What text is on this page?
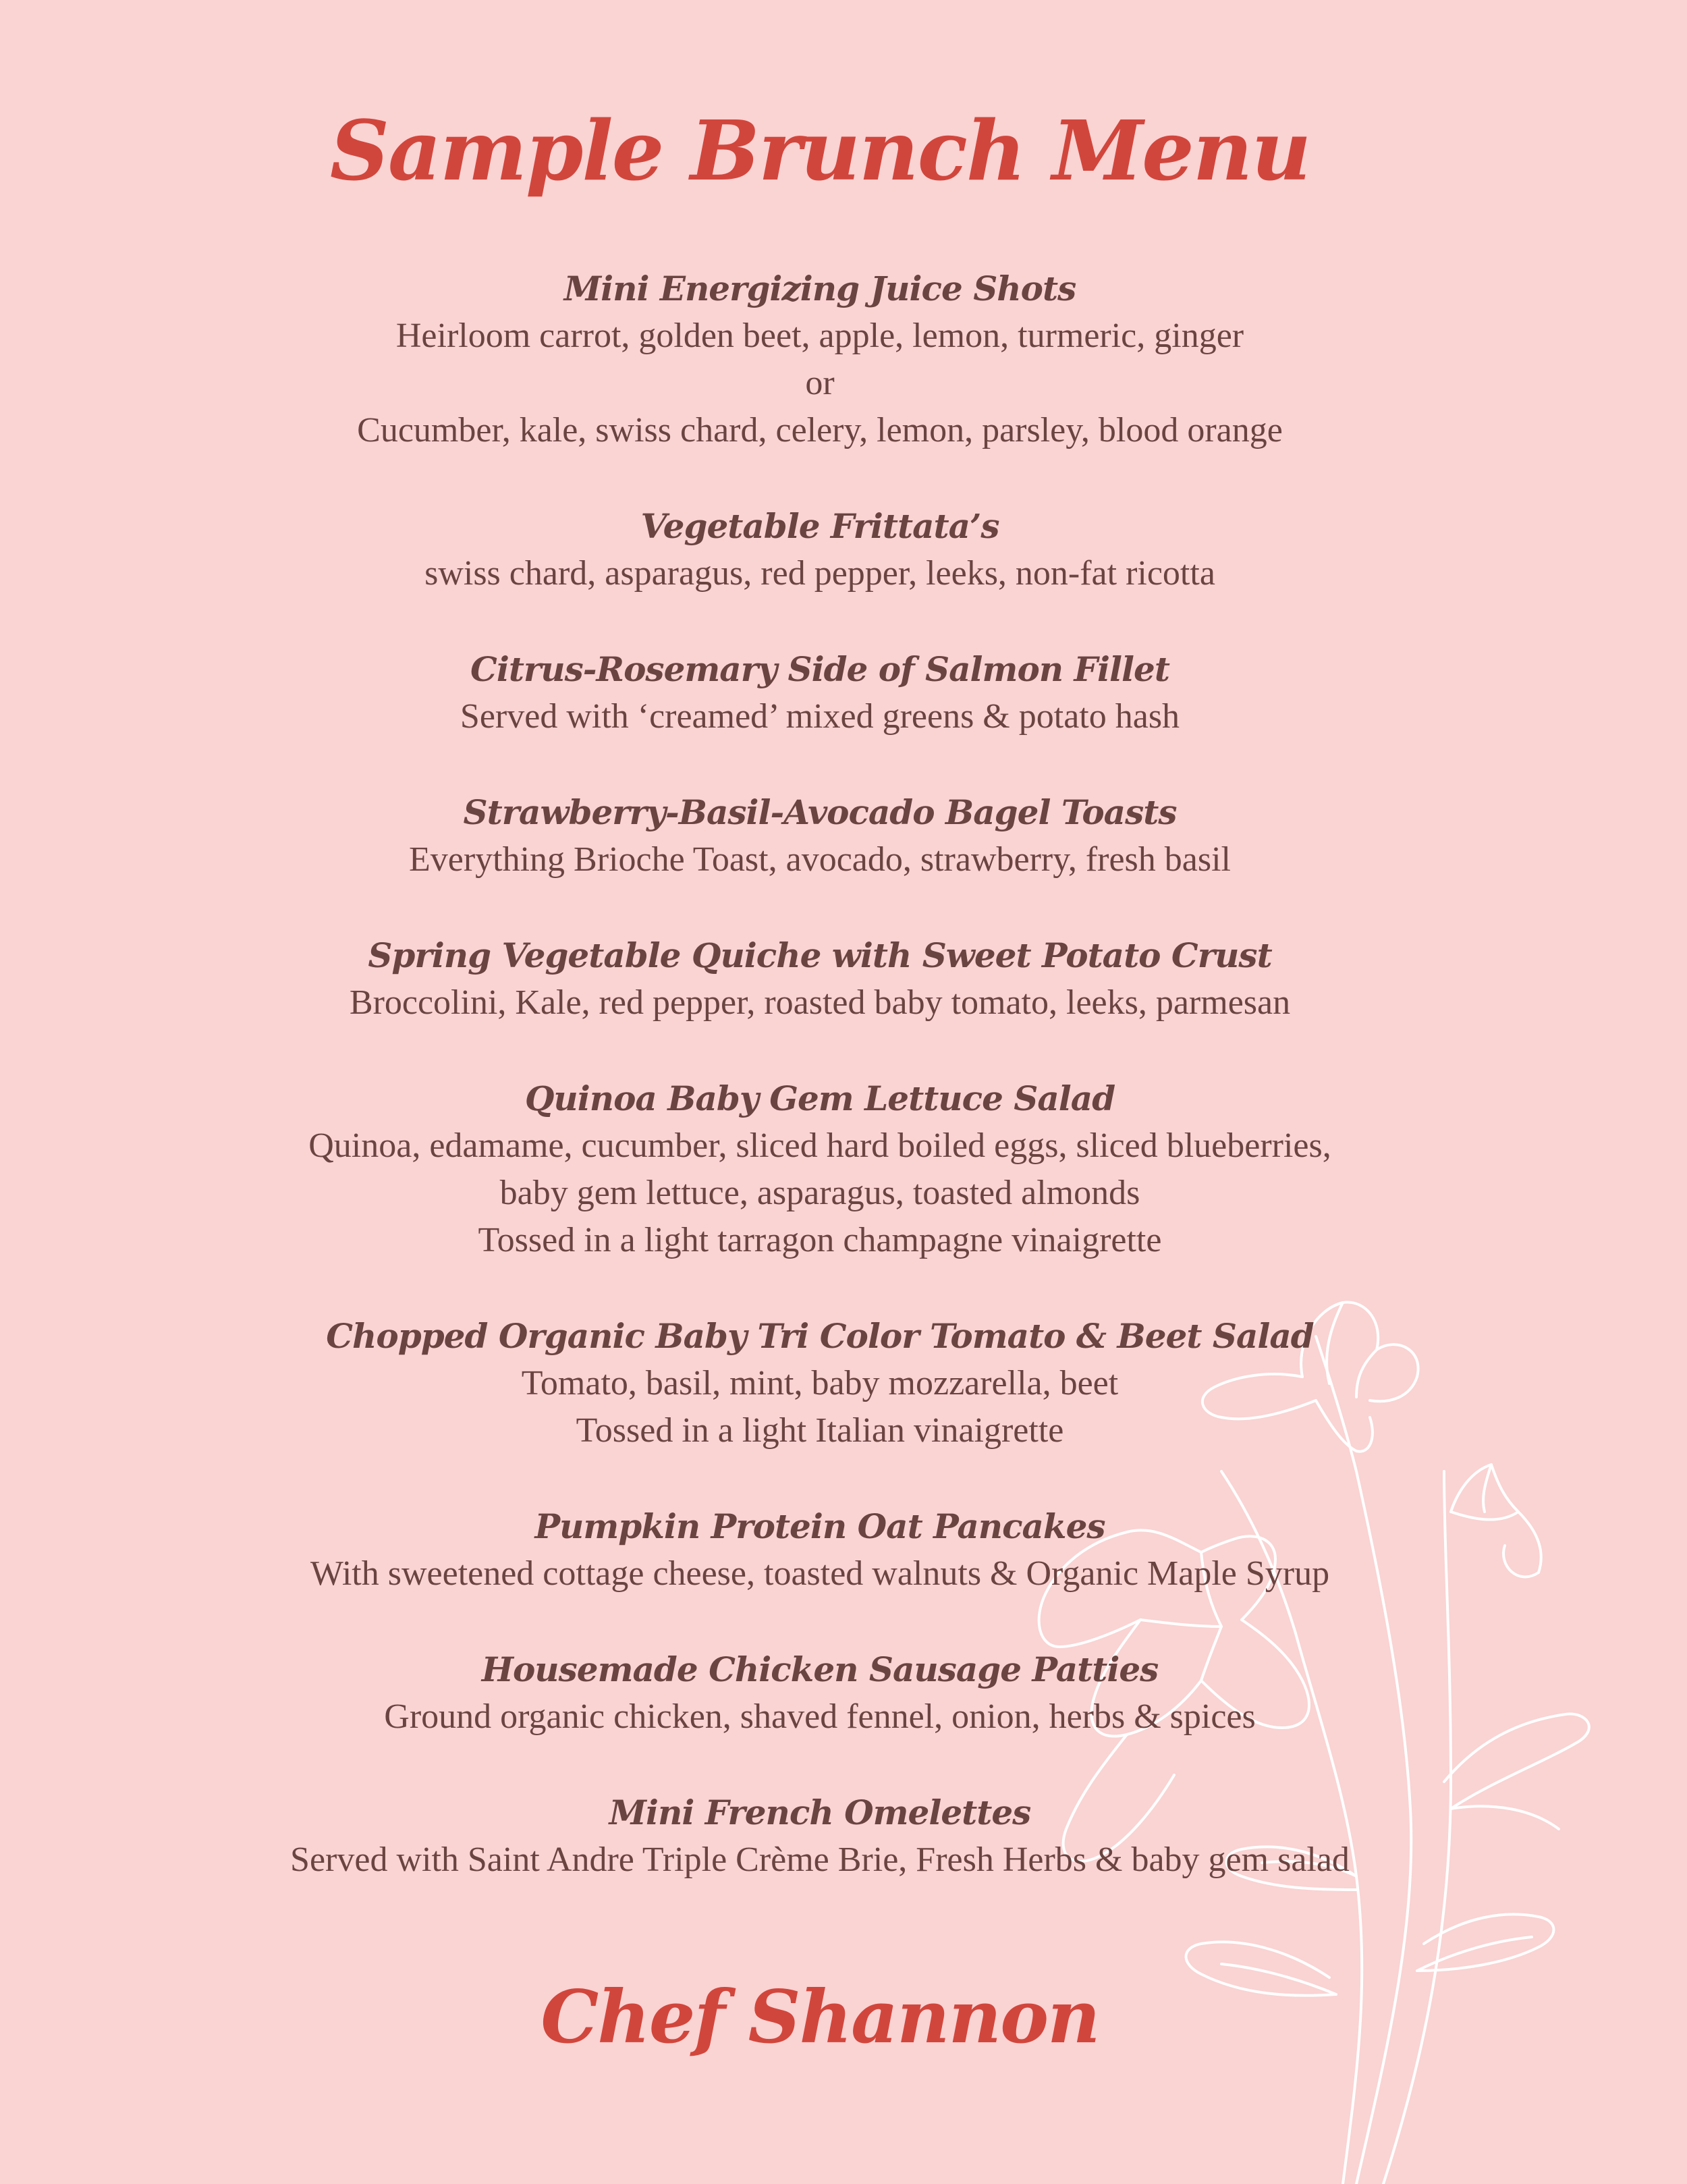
Sample Brunch Menu
Mini Energizing Juice Shots
Heirloom carrot, golden beet, apple, lemon, turmeric, ginger
or
Cucumber, kale, swiss chard, celery, lemon, parsley, blood orange
Vegetable Frittata’s
swiss chard, asparagus, red pepper, leeks, non-fat ricotta
Citrus-Rosemary Side of Salmon Fillet
Served with ‘creamed’ mixed greens & potato hash
Strawberry-Basil-Avocado Bagel Toasts
Everything Brioche Toast, avocado, strawberry, fresh basil
Spring Vegetable Quiche with Sweet Potato Crust
Broccolini, Kale, red pepper, roasted baby tomato, leeks, parmesan
Quinoa Baby Gem Lettuce Salad
Quinoa, edamame, cucumber, sliced hard boiled eggs, sliced blueberries,
baby gem lettuce, asparagus, toasted almonds
Tossed in a light tarragon champagne vinaigrette
Chopped Organic Baby Tri Color Tomato & Beet Salad
Tomato, basil, mint, baby mozzarella, beet
Tossed in a light Italian vinaigrette
Pumpkin Protein Oat Pancakes
With sweetened cottage cheese, toasted walnuts & Organic Maple Syrup
Housemade Chicken Sausage Patties
Ground organic chicken, shaved fennel, onion, herbs & spices
Mini French Omelettes
Served with Saint Andre Triple Crème Brie, Fresh Herbs & baby gem salad
Chef Shannon
